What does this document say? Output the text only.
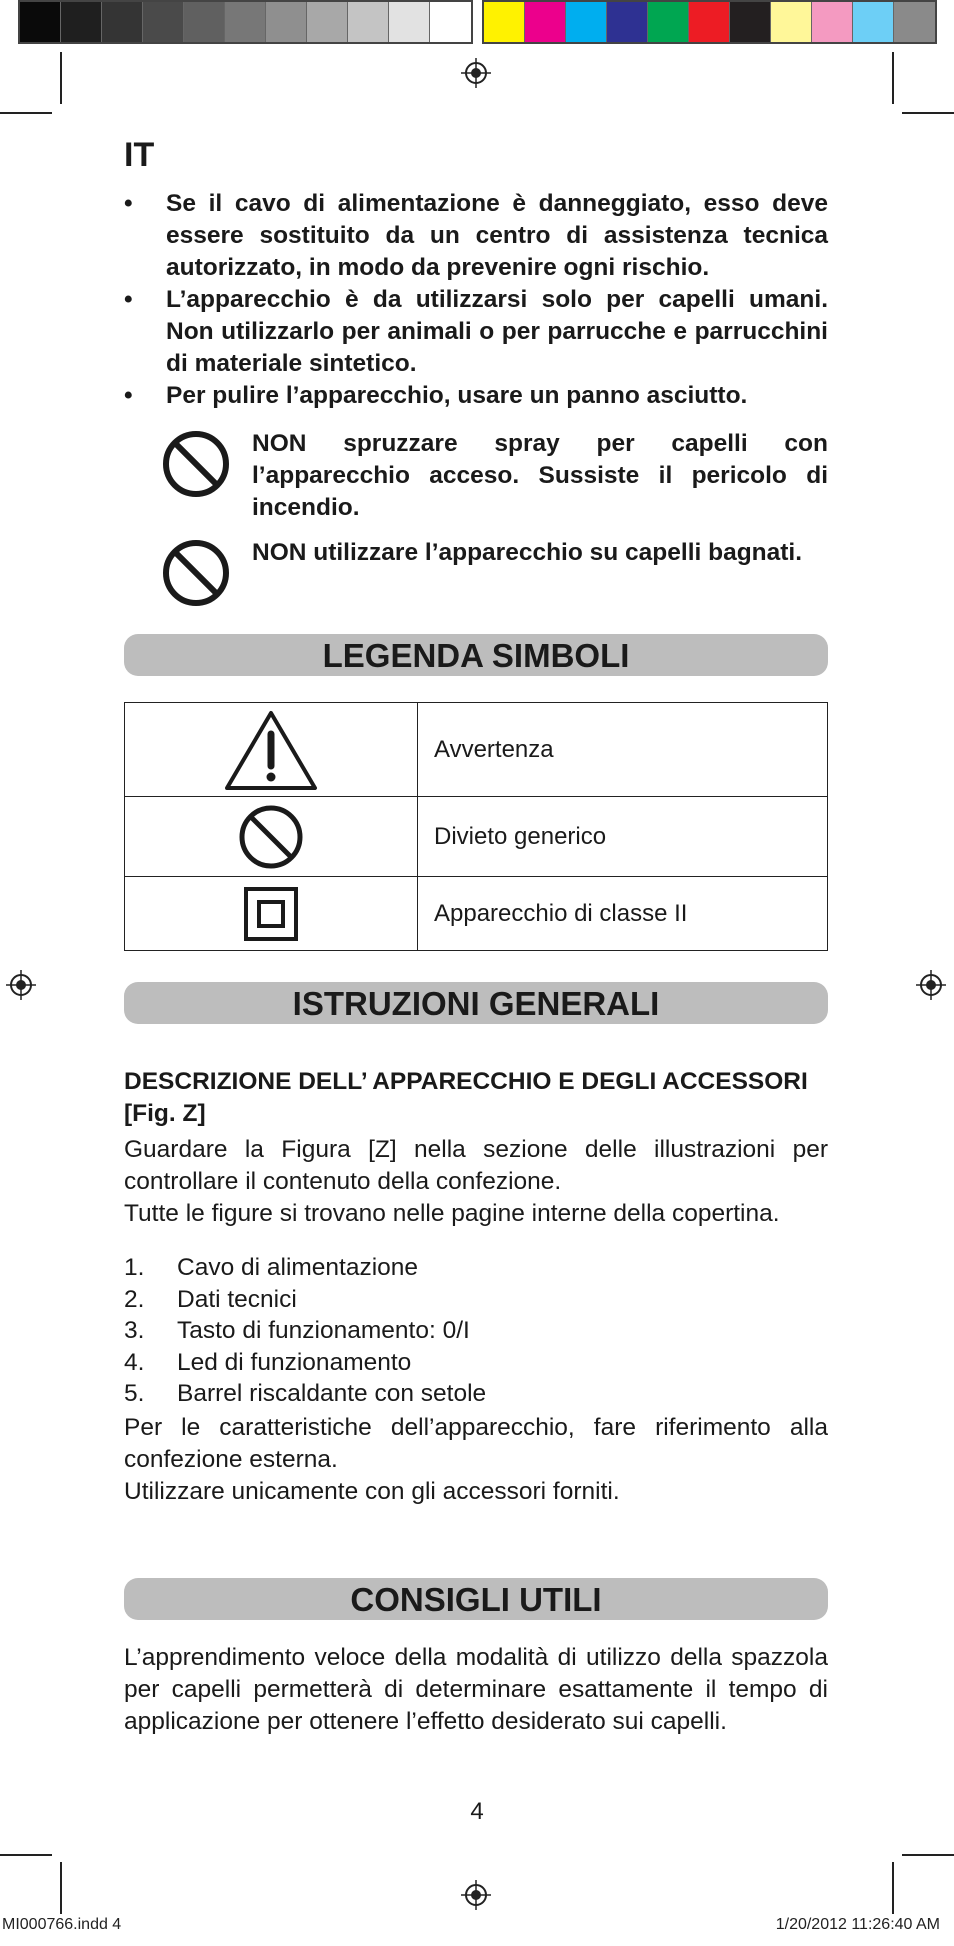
IT
• Se il cavo di alimentazione è danneggiato, esso deve essere sostituito da un centro di assistenza tecnica autorizzato, in modo da prevenire ogni rischio.
• L’apparecchio è da utilizzarsi solo per capelli umani. Non utilizzarlo per animali o per parrucche e parrucchini di materiale sintetico.
• Per pulire l’apparecchio, usare un panno asciutto.
NON spruzzare spray per capelli con l’apparecchio acceso. Sussiste il pericolo di incendio.
NON utilizzare l’apparecchio su capelli bagnati.
LEGENDA SIMBOLI
	Avvertenza
	Divieto generico
	Apparecchio di classe II
ISTRUZIONI GENERALI
DESCRIZIONE DELL’ APPARECCHIO E DEGLI ACCESSORI [Fig. Z]

Guardare la Figura [Z] nella sezione delle illustrazioni per controllare il contenuto della confezione.

Tutte le figure si trovano nelle pagine interne della copertina.

1.	Cavo di alimentazione
2.	Dati tecnici
3.	Tasto di funzionamento: 0/I
4.	Led di funzionamento
5.	Barrel riscaldante con setole

Per le caratteristiche dell’apparecchio, fare riferimento alla confezione esterna.

Utilizzare unicamente con gli accessori forniti.

CONSIGLI UTILI

L’apprendimento veloce della modalità di utilizzo della spazzola per capelli permetterà di determinare esattamente il tempo di applicazione per ottenere l’effetto desiderato sui capelli.

4
MI000766.indd 4	1/20/2012 11:26:40 AM
